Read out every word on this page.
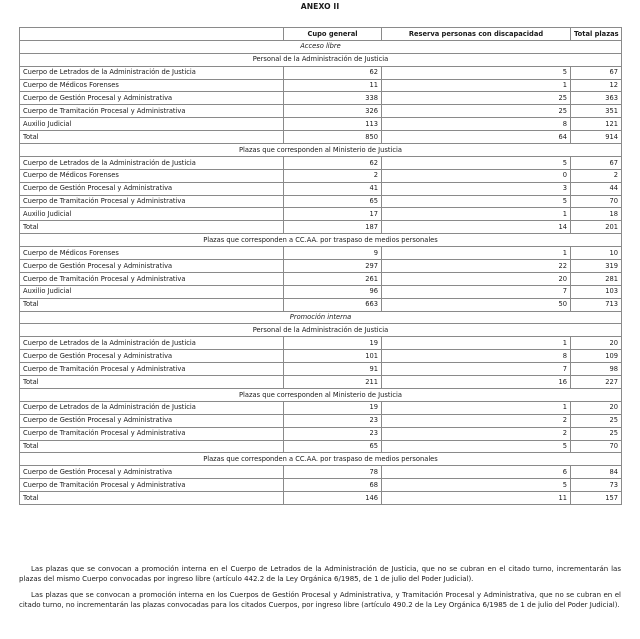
ANEXO II
	Cupo general	Reserva personas con discapacidad	Total plazas
Acceso libre			
Personal de la Administración de Justicia			
Cuerpo de Letrados de la Administración de Justicia	62	5	67
Cuerpo de Médicos Forenses	11	1	12
Cuerpo de Gestión Procesal y Administrativa	338	25	363
Cuerpo de Tramitación Procesal y Administrativa	326	25	351
Auxilio Judicial	113	8	121
Total	850	64	914
Plazas que corresponden al Ministerio de Justicia			
Cuerpo de Letrados de la Administración de Justicia	62	5	67
Cuerpo de Médicos Forenses	2	0	2
Cuerpo de Gestión Procesal y Administrativa	41	3	44
Cuerpo de Tramitación Procesal y Administrativa	65	5	70
Auxilio Judicial	17	1	18
Total	187	14	201
Plazas que corresponden a CC.AA. por traspaso de medios personales			
Cuerpo de Médicos Forenses	9	1	10
Cuerpo de Gestión Procesal y Administrativa	297	22	319
Cuerpo de Tramitación Procesal y Administrativa	261	20	281
Auxilio Judicial	96	7	103
Total	663	50	713
Promoción interna			
Personal de la Administración de Justicia			
Cuerpo de Letrados de la Administración de Justicia	19	1	20
Cuerpo de Gestión Procesal y Administrativa	101	8	109
Cuerpo de Tramitación Procesal y Administrativa	91	7	98
Total	211	16	227
Plazas que corresponden al Ministerio de Justicia			
Cuerpo de Letrados de la Administración de Justicia	19	1	20
Cuerpo de Gestión Procesal y Administrativa	23	2	25
Cuerpo de Tramitación Procesal y Administrativa	23	2	25
Total	65	5	70
Plazas que corresponden a CC.AA. por traspaso de medios personales			
Cuerpo de Gestión Procesal y Administrativa	78	6	84
Cuerpo de Tramitación Procesal y Administrativa	68	5	73
Total	146	11	157

Las plazas que se convocan a promoción interna en el Cuerpo de Letrados de la Administración de Justicia, que no se cubran en el citado turno, incrementarán las plazas del mismo Cuerpo convocadas por ingreso libre (artículo 442.2 de la Ley Orgánica 6/1985, de 1 de julio del Poder Judicial).

Las plazas que se convocan a promoción interna en los Cuerpos de Gestión Procesal y Administrativa, y Tramitación Procesal y Administrativa, que no se cubran en el citado turno, no incrementarán las plazas convocadas para los citados Cuerpos, por ingreso libre (artículo 490.2 de la Ley Orgánica 6/1985 de 1 de julio del Poder Judicial).
